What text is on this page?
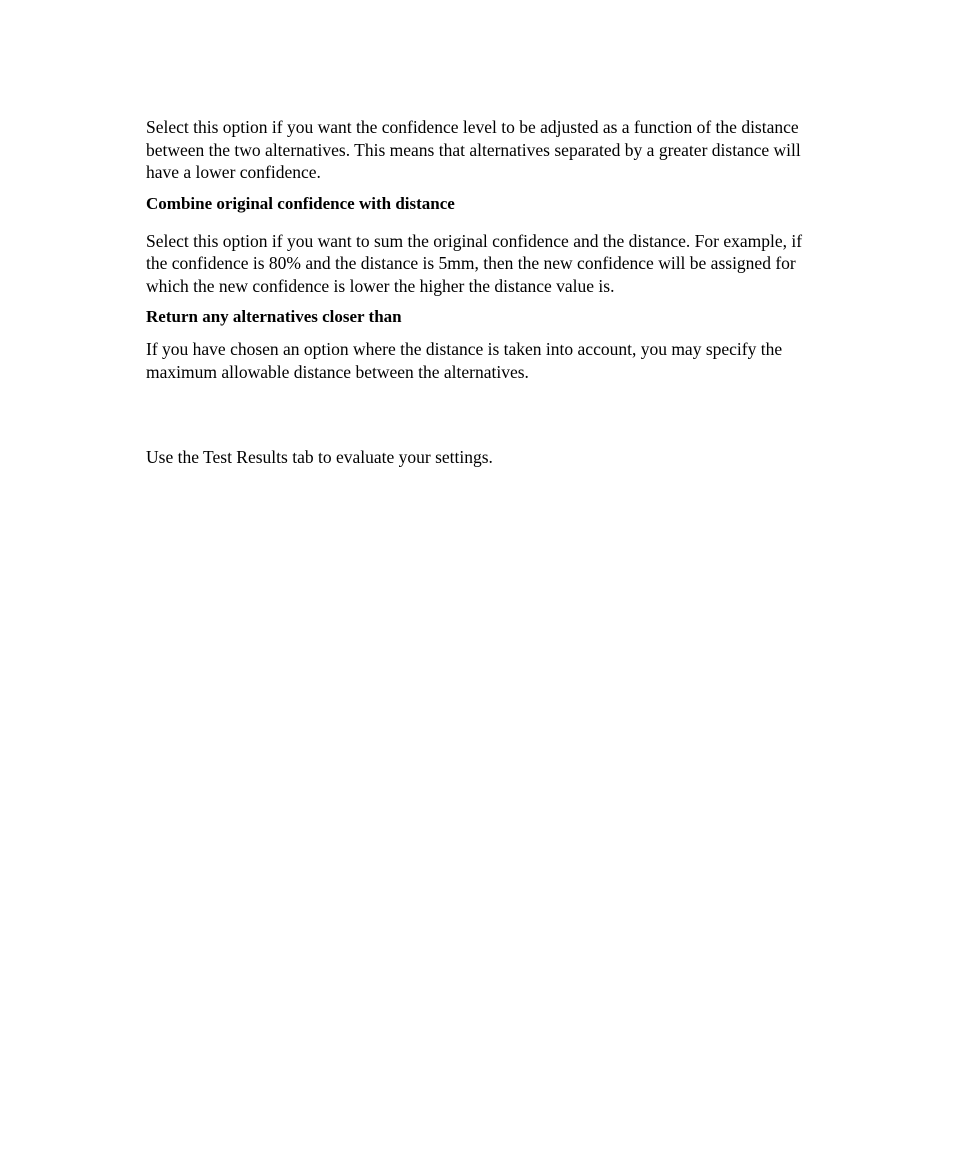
Select this option if you want the confidence level to be adjusted as a function of the distance between the two alternatives. This means that alternatives separated by a greater distance will have a lower confidence.

Combine original confidence with distance

Select this option if you want to sum the original confidence and the distance. For example, if the confidence is 80% and the distance is 5mm, then the new confidence will be assigned for which the new confidence is lower the higher the distance value is.

Return any alternatives closer than

If you have chosen an option where the distance is taken into account, you may specify the maximum allowable distance between the alternatives.

Use the Test Results tab to evaluate your settings.
